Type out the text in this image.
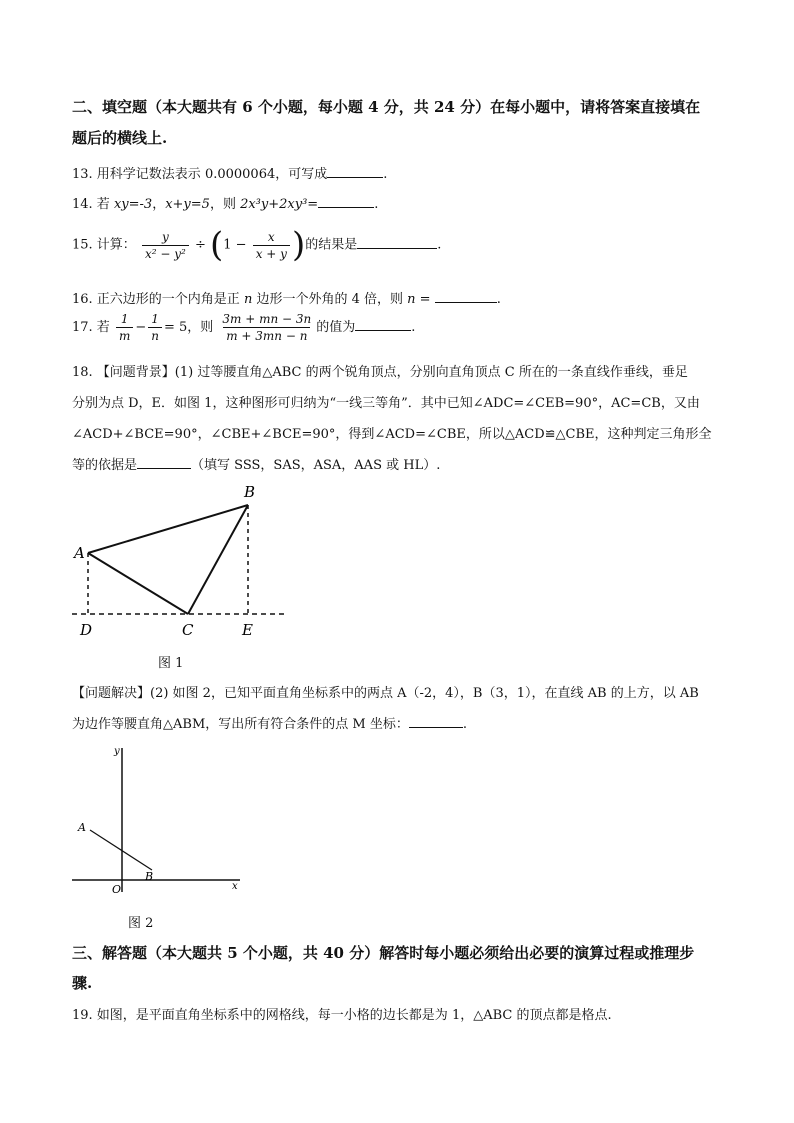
二、填空题（本大题共有 6 个小题，每小题 4 分，共 24 分）在每小题中，请将答案直接填在
题后的横线上.
13. 用科学记数法表示 0.0000064，可写成	.
14. 若 xy=-3，x+y=5，则 2x³y+2xy³=	.
15. 计算： $\frac{y}{\text{x² − y²}} \div (1 - \frac{x}{x + y}$ )的结果是	.
16. 正六边形的一个内角是正 n 边形一个外角的 4 倍，则 n =	.
17. 若 $\frac{1}{m} - \frac{1}{n} = 5$，则 $\frac{3m + mn - 3n}{m + 3mn - n}$ 的值为	.
18. 【问题背景】(1) 过等腰直角△ABC 的两个锐角顶点，分别向直角顶点 C 所在的一条直线作垂线，垂足
分别为点 D，E．如图 1，这种图形可归纳为“一线三等角”．其中已知∠ADC=∠CEB=90°，AC=CB，又由
∠ACD+∠BCE=90°，∠CBE+∠BCE=90°，得到∠ACD=∠CBE，所以△ACD≌△CBE，这种判定三角形全
等的依据是	（填写 SSS，SAS，ASA，AAS 或 HL）.
A
B
C
D	E
图 1
【问题解决】(2) 如图 2，已知平面直角坐标系中的两点 A（-2，4），B（3，1），在直线 AB 的上方，以 AB
为边作等腰直角△ABM，写出所有符合条件的点 M 坐标：	.
y
x
O
A
B
图 2
三、解答题（本大题共 5 个小题，共 40 分）解答时每小题必须给出必要的演算过程或推理步
骤.
19. 如图，是平面直角坐标系中的网格线，每一小格的边长都是为 1，△ABC 的顶点都是格点.
